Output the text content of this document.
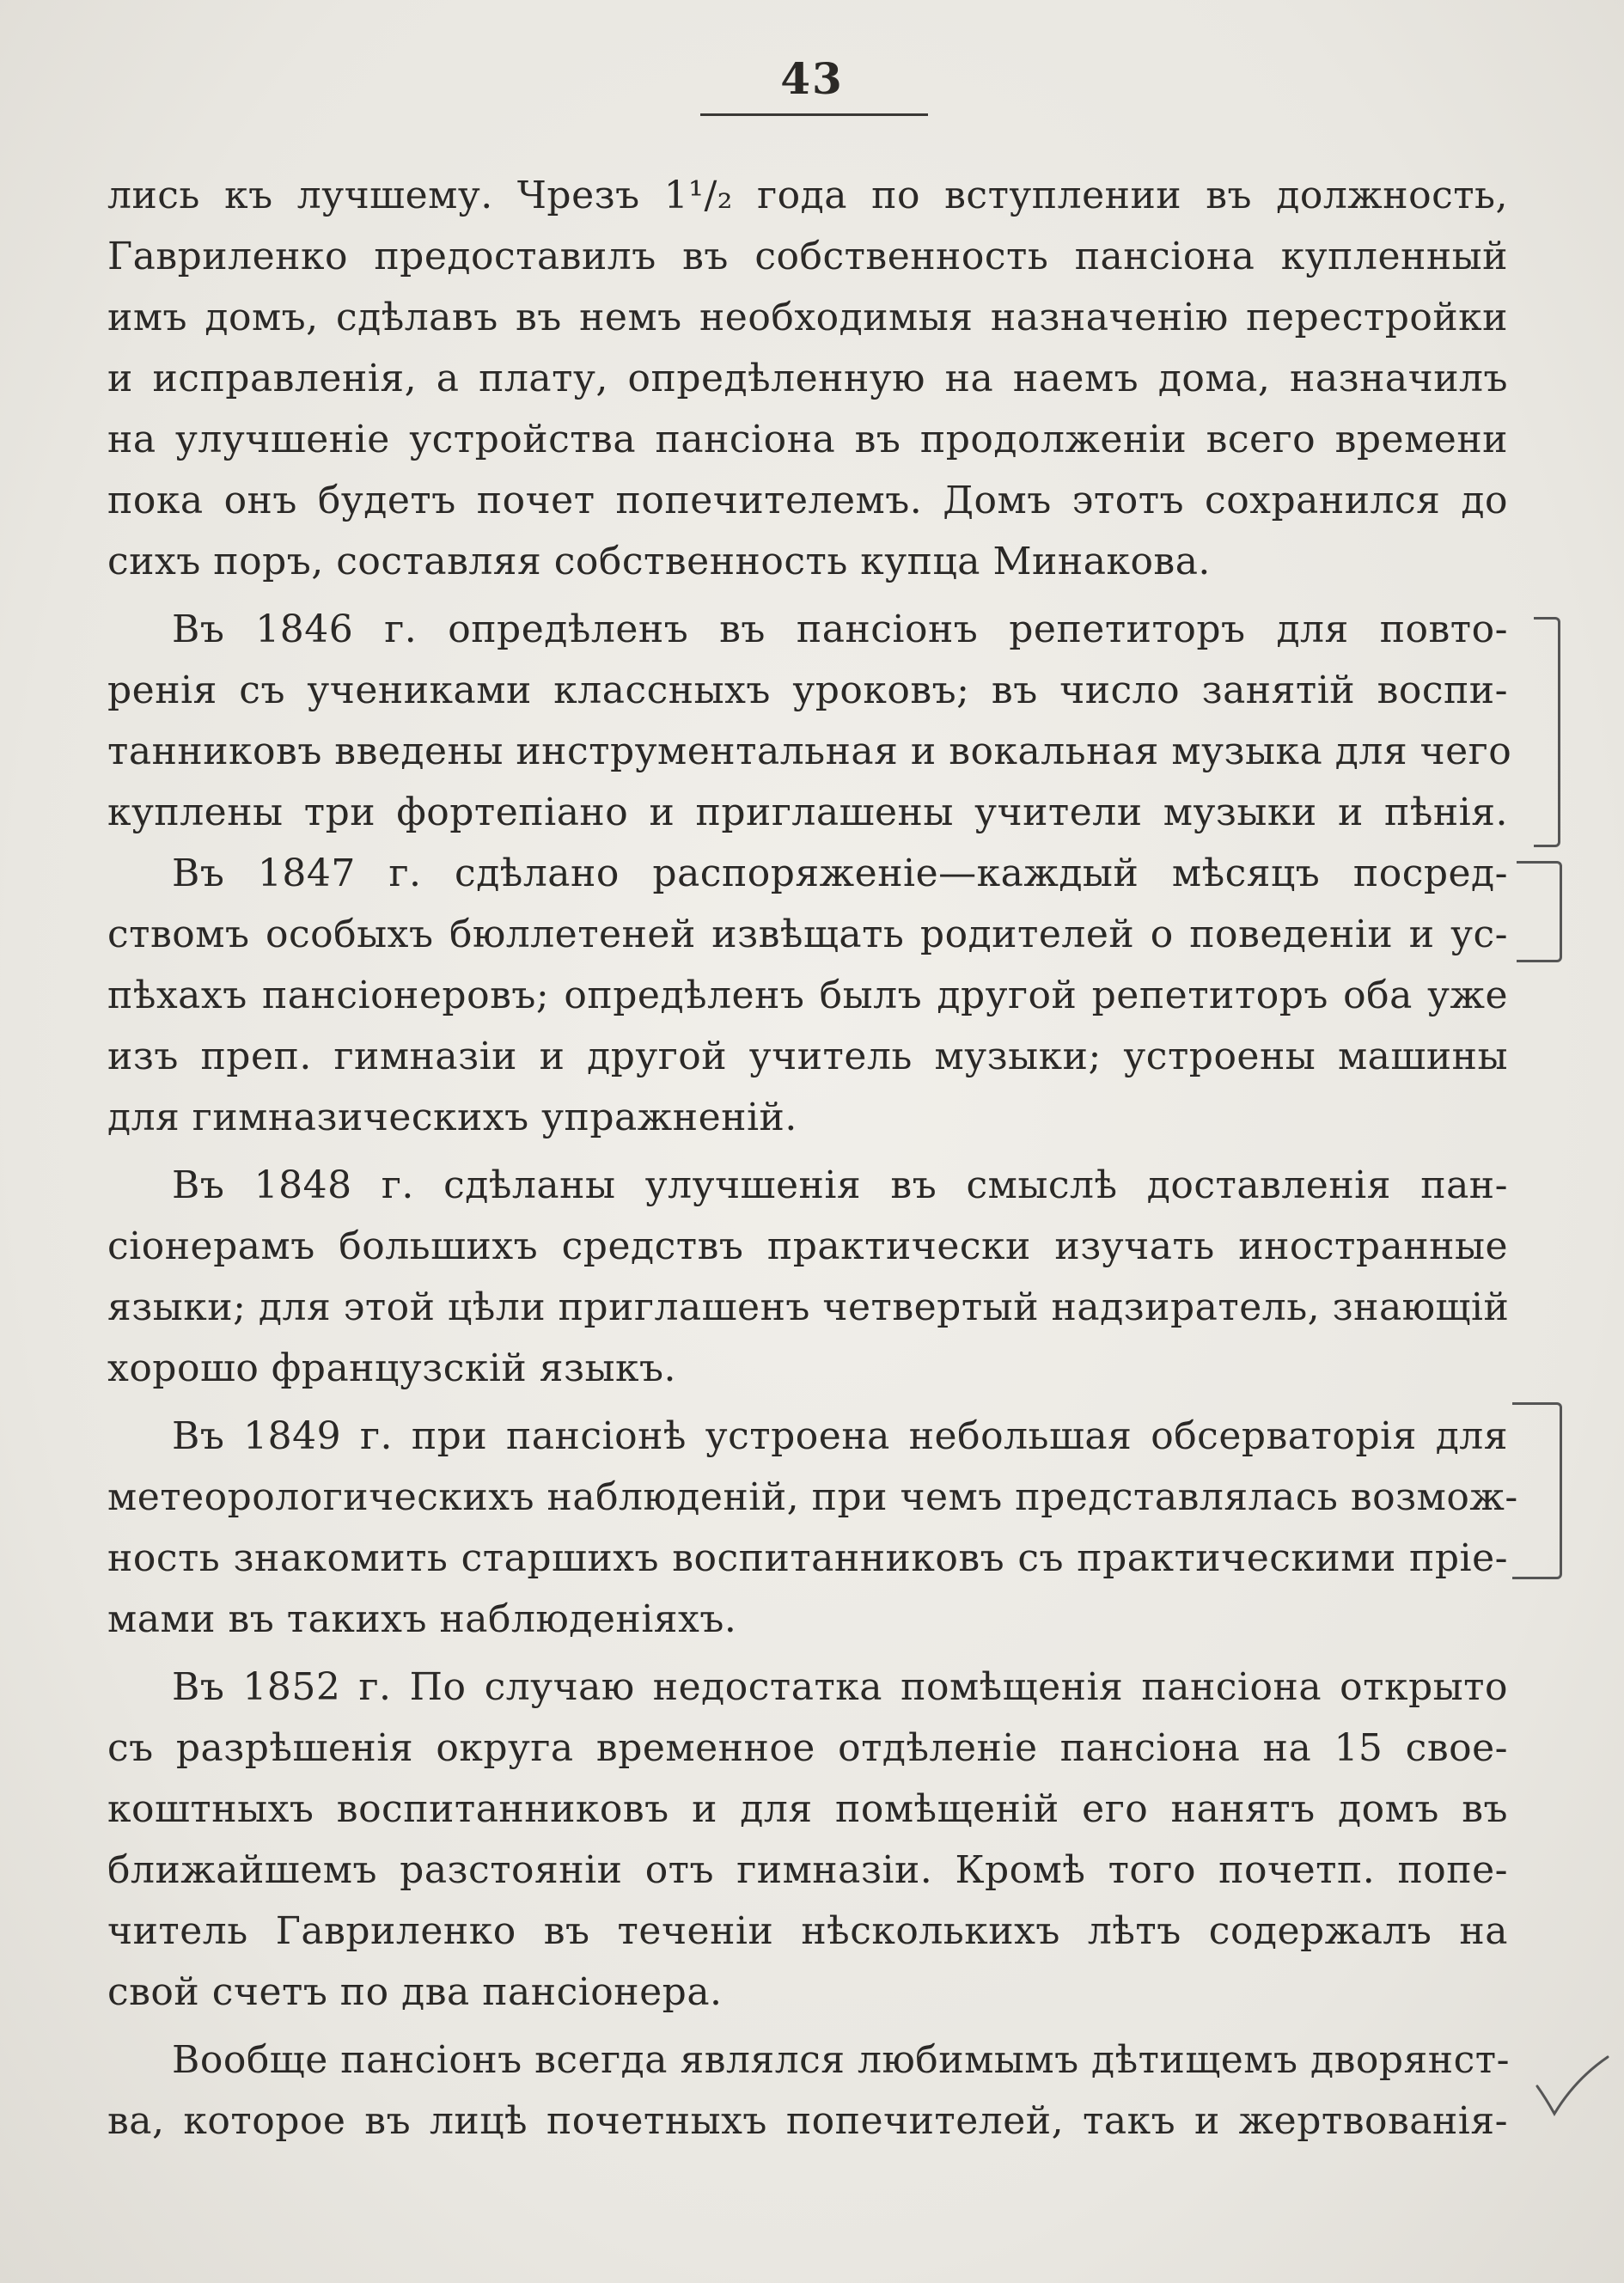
43
лись къ лучшему. Чрезъ 1¹/₂ года по вступлении въ должность,
Гавриленко предоставилъ въ собственность пансіона купленный
имъ домъ, сдѣлавъ въ немъ необходимыя назначенію перестройки
и исправленія, а плату, опредѣленную на наемъ дома, назначилъ
на улучшеніе устройства пансіона въ продолженіи всего времени
пока онъ будетъ почет попечителемъ. Домъ этотъ сохранился до
сихъ поръ, составляя собственность купца Минакова.
Въ 1846 г. опредѣленъ въ пансіонъ репетиторъ для повто-
ренія съ учениками классныхъ уроковъ; въ число занятій воспи-
танниковъ введены инструментальная и вокальная музыка для чего
куплены три фортепіано и приглашены учители музыки и пѣнія.
Въ 1847 г. сдѣлано распоряженіе—каждый мѣсяцъ посред-
ствомъ особыхъ бюллетеней извѣщать родителей о поведеніи и ус-
пѣхахъ пансіонеровъ; опредѣленъ былъ другой репетиторъ оба уже
изъ преп. гимназіи и другой учитель музыки; устроены машины
для гимназическихъ упражненій.
Въ 1848 г. сдѣланы улучшенія въ смыслѣ доставленія пан-
сіонерамъ большихъ средствъ практически изучать иностранные
языки; для этой цѣли приглашенъ четвертый надзиратель, знающій
хорошо французскій языкъ.
Въ 1849 г. при пансіонѣ устроена небольшая обсерваторія для
метеорологическихъ наблюденій, при чемъ представлялась возмож-
ность знакомить старшихъ воспитанниковъ съ практическими пріе-
мами въ такихъ наблюденіяхъ.
Въ 1852 г. По случаю недостатка помѣщенія пансіона открыто
съ разрѣшенія округа временное отдѣленіе пансіона на 15 свое-
коштныхъ воспитанниковъ и для помѣщеній его нанятъ домъ въ
ближайшемъ разстояніи отъ гимназіи. Кромѣ того почетп. попе-
читель Гавриленко въ теченіи нѣсколькихъ лѣтъ содержалъ на
свой счетъ по два пансіонера.
Вообще пансіонъ всегда являлся любимымъ дѣтищемъ дворянст-
ва, которое въ лицѣ почетныхъ попечителей, такъ и жертвованія-
